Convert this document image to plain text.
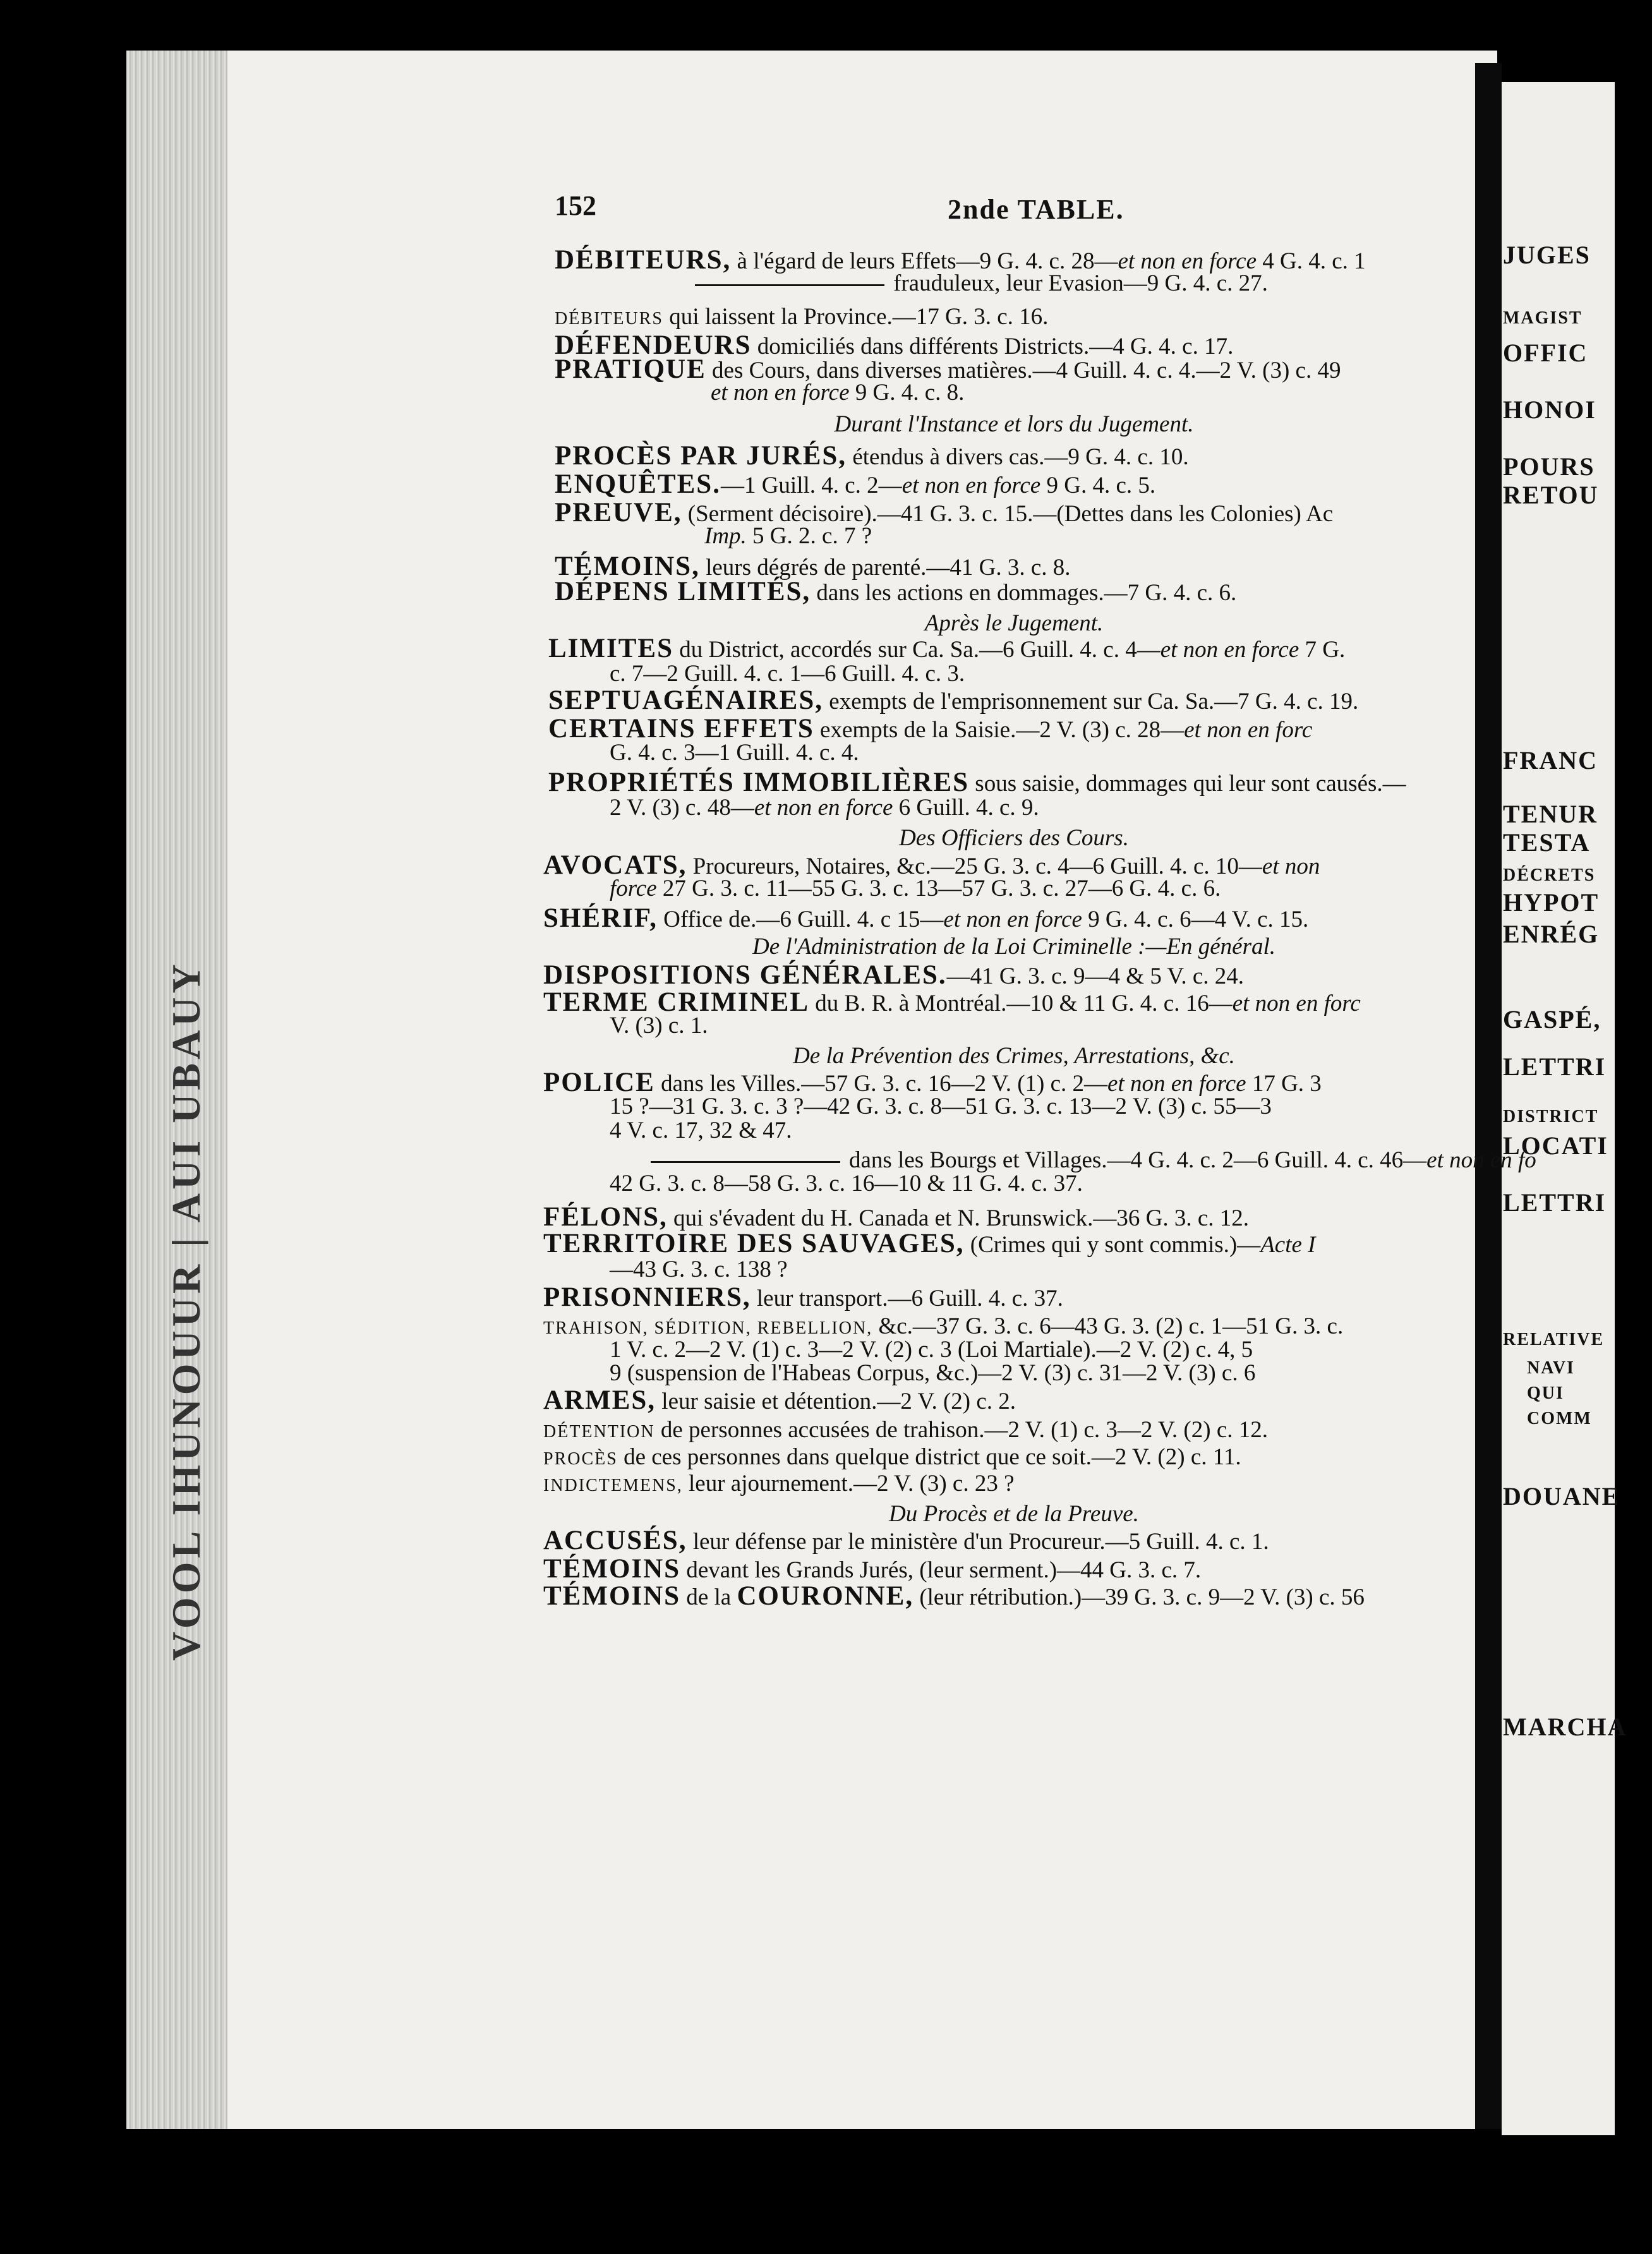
VOOL IHUNOUUR | AUI UBAUY
JUGES
MAGIST
OFFIC
HONOI
POURS
RETOU
FRANC
TENUR
TESTA
DÉCRETS
HYPOT
ENRÉG
GASPÉ,
LETTRI
DISTRICT
LOCATI
LETTRI
RELATIVE
NAVI
QUI
COMM
DOUANE
MARCHA
152	2nde TABLE.
DÉBITEURS, à l'égard de leurs Effets—9 G. 4. c. 28—et non en force 4 G. 4. c. 1
frauduleux, leur Evasion—9 G. 4. c. 27.
DÉBITEURS qui laissent la Province.—17 G. 3. c. 16.
DÉFENDEURS domiciliés dans différents Districts.—4 G. 4. c. 17.
PRATIQUE des Cours, dans diverses matières.—4 Guill. 4. c. 4.—2 V. (3) c. 49
et non en force 9 G. 4. c. 8.
Durant l'Instance et lors du Jugement.
PROCÈS PAR JURÉS, étendus à divers cas.—9 G. 4. c. 10.
ENQUÊTES.—1 Guill. 4. c. 2—et non en force 9 G. 4. c. 5.
PREUVE, (Serment décisoire).—41 G. 3. c. 15.—(Dettes dans les Colonies) Ac
Imp. 5 G. 2. c. 7 ?
TÉMOINS, leurs dégrés de parenté.—41 G. 3. c. 8.
DÉPENS LIMITÉS, dans les actions en dommages.—7 G. 4. c. 6.
Après le Jugement.
LIMITES du District, accordés sur Ca. Sa.—6 Guill. 4. c. 4—et non en force 7 G.
c. 7—2 Guill. 4. c. 1—6 Guill. 4. c. 3.
SEPTUAGÉNAIRES, exempts de l'emprisonnement sur Ca. Sa.—7 G. 4. c. 19.
CERTAINS EFFETS exempts de la Saisie.—2 V. (3) c. 28—et non en forc
G. 4. c. 3—1 Guill. 4. c. 4.
PROPRIÉTÉS IMMOBILIÈRES sous saisie, dommages qui leur sont causés.—
2 V. (3) c. 48—et non en force 6 Guill. 4. c. 9.
Des Officiers des Cours.
AVOCATS, Procureurs, Notaires, &c.—25 G. 3. c. 4—6 Guill. 4. c. 10—et non
force 27 G. 3. c. 11—55 G. 3. c. 13—57 G. 3. c. 27—6 G. 4. c. 6.
SHÉRIF, Office de.—6 Guill. 4. c 15—et non en force 9 G. 4. c. 6—4 V. c. 15.
De l'Administration de la Loi Criminelle :—En général.
DISPOSITIONS GÉNÉRALES.—41 G. 3. c. 9—4 & 5 V. c. 24.
TERME CRIMINEL du B. R. à Montréal.—10 & 11 G. 4. c. 16—et non en forc
V. (3) c. 1.
De la Prévention des Crimes, Arrestations, &c.
POLICE dans les Villes.—57 G. 3. c. 16—2 V. (1) c. 2—et non en force 17 G. 3
15 ?—31 G. 3. c. 3 ?—42 G. 3. c. 8—51 G. 3. c. 13—2 V. (3) c. 55—3
4 V. c. 17, 32 & 47.
dans les Bourgs et Villages.—4 G. 4. c. 2—6 Guill. 4. c. 46—et non en fo
42 G. 3. c. 8—58 G. 3. c. 16—10 & 11 G. 4. c. 37.
FÉLONS, qui s'évadent du H. Canada et N. Brunswick.—36 G. 3. c. 12.
TERRITOIRE DES SAUVAGES, (Crimes qui y sont commis.)—Acte I
—43 G. 3. c. 138 ?
PRISONNIERS, leur transport.—6 Guill. 4. c. 37.
TRAHISON, SÉDITION, REBELLION, &c.—37 G. 3. c. 6—43 G. 3. (2) c. 1—51 G. 3. c.
1 V. c. 2—2 V. (1) c. 3—2 V. (2) c. 3 (Loi Martiale).—2 V. (2) c. 4, 5
9 (suspension de l'Habeas Corpus, &c.)—2 V. (3) c. 31—2 V. (3) c. 6
ARMES, leur saisie et détention.—2 V. (2) c. 2.
DÉTENTION de personnes accusées de trahison.—2 V. (1) c. 3—2 V. (2) c. 12.
PROCÈS de ces personnes dans quelque district que ce soit.—2 V. (2) c. 11.
INDICTEMENS, leur ajournement.—2 V. (3) c. 23 ?
Du Procès et de la Preuve.
ACCUSÉS, leur défense par le ministère d'un Procureur.—5 Guill. 4. c. 1.
TÉMOINS devant les Grands Jurés, (leur serment.)—44 G. 3. c. 7.
TÉMOINS de la COURONNE, (leur rétribution.)—39 G. 3. c. 9—2 V. (3) c. 56
